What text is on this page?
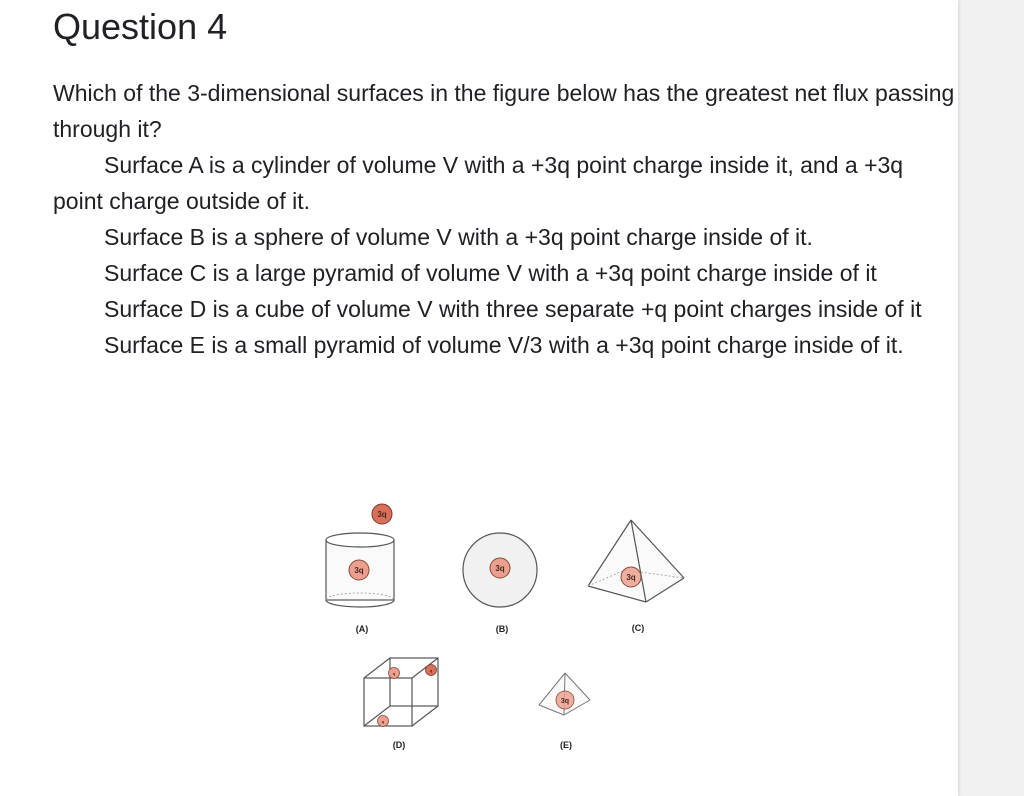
Question 4

Which of the 3-dimensional surfaces in the figure below has the greatest net flux passing through it?

Surface A is a cylinder of volume V with a +3q point charge inside it, and a +3q point charge outside of it.

Surface B is a sphere of volume V with a +3q point charge inside of it.

Surface C is a large pyramid of volume V with a +3q point charge inside of it

Surface D is a cube of volume V with three separate +q point charges inside of it

Surface E is a small pyramid of volume V/3 with a +3q point charge inside of it.

3q
3q
(A)
3q
(B)
3q
(C)
q
q
q
(D)
3q
(E)
